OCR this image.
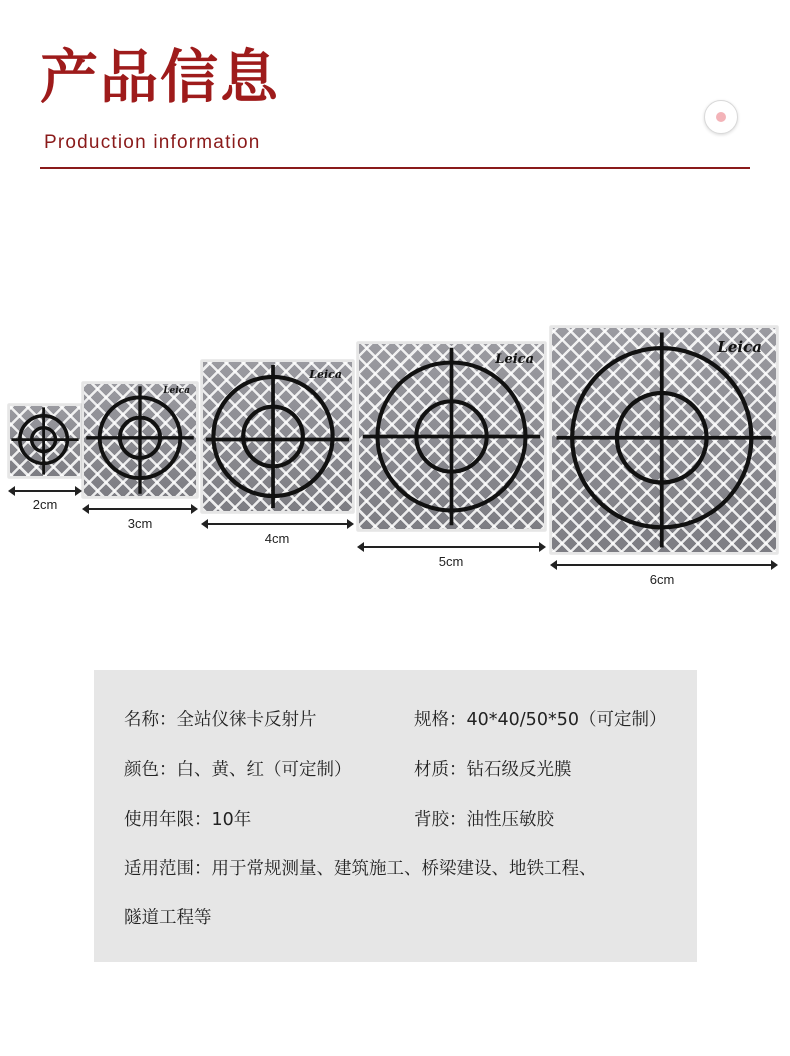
产品信息
Production information
2cm
Leica
3cm
Leica
4cm
Leica
5cm
Leica
6cm
名称：全站仪徕卡反射片	规格：40*40/50*50（可定制）
颜色：白、黄、红（可定制）	材质：钻石级反光膜
使用年限：10年	背胶：油性压敏胶
适用范围：用于常规测量、建筑施工、桥梁建设、地铁工程、
隧道工程等
